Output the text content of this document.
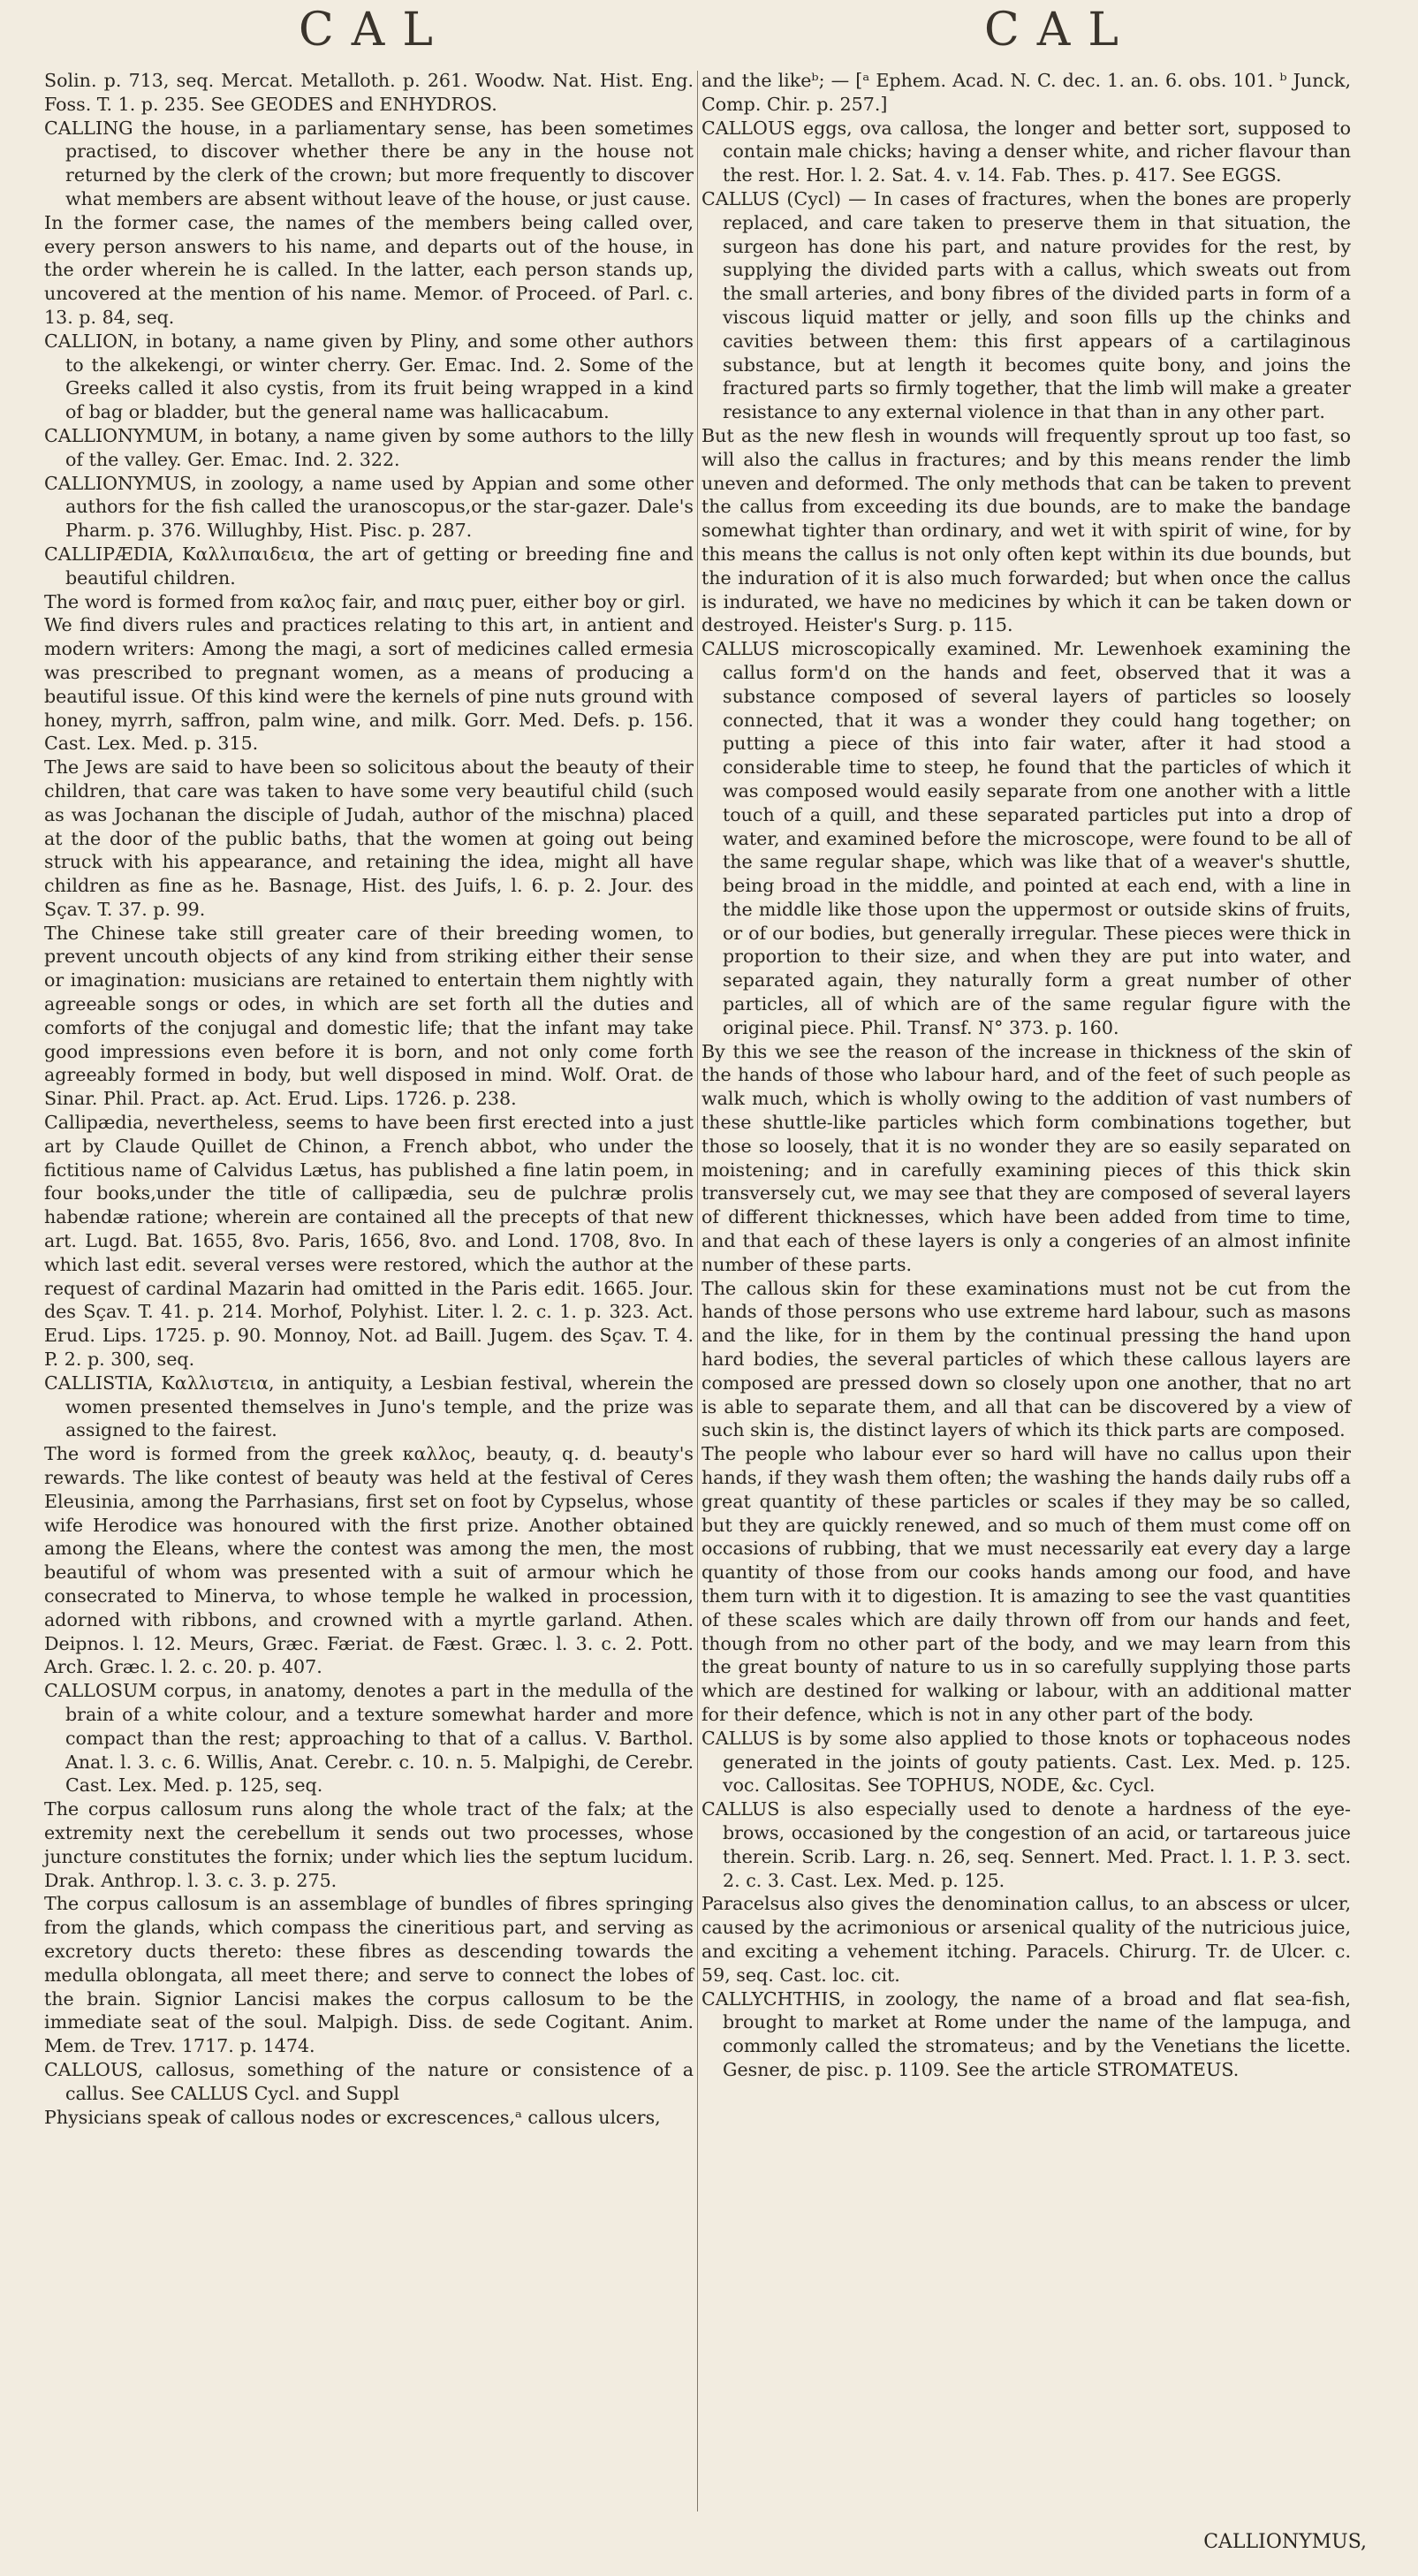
CAL	CAL

Solin. p. 713, seq. Mercat. Metalloth. p. 261. Woodw. Nat. Hist. Eng. Foss. T. 1. p. 235. See GEODES and ENHYDROS.

CALLING the house, in a parliamentary sense, has been sometimes practised, to discover whether there be any in the house not returned by the clerk of the crown; but more frequently to discover what members are absent without leave of the house, or just cause.

In the former case, the names of the members being called over, every person answers to his name, and departs out of the house, in the order wherein he is called. In the latter, each person stands up, uncovered at the mention of his name. Memor. of Proceed. of Parl. c. 13. p. 84, seq.

CALLION, in botany, a name given by Pliny, and some other authors to the alkekengi, or winter cherry. Ger. Emac. Ind. 2. Some of the Greeks called it also cystis, from its fruit being wrapped in a kind of bag or bladder, but the general name was hallicacabum.

CALLIONYMUM, in botany, a name given by some authors to the lilly of the valley. Ger. Emac. Ind. 2. 322.

CALLIONYMUS, in zoology, a name used by Appian and some other authors for the fish called the uranoscopus,or the star-gazer. Dale's Pharm. p. 376. Willughby, Hist. Pisc. p. 287.

CALLIPÆDIA, Καλλιπαιδεια, the art of getting or breeding fine and beautiful children.

The word is formed from καλος fair, and παις puer, either boy or girl.

We find divers rules and practices relating to this art, in antient and modern writers: Among the magi, a sort of medicines called ermesia was prescribed to pregnant women, as a means of producing a beautiful issue. Of this kind were the kernels of pine nuts ground with honey, myrrh, saffron, palm wine, and milk. Gorr. Med. Defs. p. 156. Cast. Lex. Med. p. 315.

The Jews are said to have been so solicitous about the beauty of their children, that care was taken to have some very beautiful child (such as was Jochanan the disciple of Judah, author of the mischna) placed at the door of the public baths, that the women at going out being struck with his appearance, and retaining the idea, might all have children as fine as he. Basnage, Hist. des Juifs, l. 6. p. 2. Jour. des Sçav. T. 37. p. 99.

The Chinese take still greater care of their breeding women, to prevent uncouth objects of any kind from striking either their sense or imagination: musicians are retained to entertain them nightly with agreeable songs or odes, in which are set forth all the duties and comforts of the conjugal and domestic life; that the infant may take good impressions even before it is born, and not only come forth agreeably formed in body, but well disposed in mind. Wolf. Orat. de Sinar. Phil. Pract. ap. Act. Erud. Lips. 1726. p. 238.

Callipædia, nevertheless, seems to have been first erected into a just art by Claude Quillet de Chinon, a French abbot, who under the fictitious name of Calvidus Lætus, has published a fine latin poem, in four books,under the title of callipædia, seu de pulchræ prolis habendæ ratione; wherein are contained all the precepts of that new art. Lugd. Bat. 1655, 8vo. Paris, 1656, 8vo. and Lond. 1708, 8vo. In which last edit. several verses were restored, which the author at the request of cardinal Mazarin had omitted in the Paris edit. 1665. Jour. des Sçav. T. 41. p. 214. Morhof, Polyhist. Liter. l. 2. c. 1. p. 323. Act. Erud. Lips. 1725. p. 90. Monnoy, Not. ad Baill. Jugem. des Sçav. T. 4. P. 2. p. 300, seq.

CALLISTIA, Καλλιστεια, in antiquity, a Lesbian festival, wherein the women presented themselves in Juno's temple, and the prize was assigned to the fairest.

The word is formed from the greek καλλος, beauty, q. d. beauty's rewards. The like contest of beauty was held at the festival of Ceres Eleusinia, among the Parrhasians, first set on foot by Cypselus, whose wife Herodice was honoured with the first prize. Another obtained among the Eleans, where the contest was among the men, the most beautiful of whom was presented with a suit of armour which he consecrated to Minerva, to whose temple he walked in procession, adorned with ribbons, and crowned with a myrtle garland. Athen. Deipnos. l. 12. Meurs, Græc. Færiat. de Fæst. Græc. l. 3. c. 2. Pott. Arch. Græc. l. 2. c. 20. p. 407.

CALLOSUM corpus, in anatomy, denotes a part in the medulla of the brain of a white colour, and a texture somewhat harder and more compact than the rest; approaching to that of a callus. V. Barthol. Anat. l. 3. c. 6. Willis, Anat. Cerebr. c. 10. n. 5. Malpighi, de Cerebr. Cast. Lex. Med. p. 125, seq.

The corpus callosum runs along the whole tract of the falx; at the extremity next the cerebellum it sends out two processes, whose juncture constitutes the fornix; under which lies the septum lucidum. Drak. Anthrop. l. 3. c. 3. p. 275.

The corpus callosum is an assemblage of bundles of fibres springing from the glands, which compass the cineritious part, and serving as excretory ducts thereto: these fibres as descending towards the medulla oblongata, all meet there; and serve to connect the lobes of the brain. Signior Lancisi makes the corpus callosum to be the immediate seat of the soul. Malpigh. Diss. de sede Cogitant. Anim. Mem. de Trev. 1717. p. 1474.

CALLOUS, callosus, something of the nature or consistence of a callus. See CALLUS Cycl. and Suppl

Physicians speak of callous nodes or excrescences,ᵃ callous ulcers,

and the likeᵇ; — [ᵃ Ephem. Acad. N. C. dec. 1. an. 6. obs. 101. ᵇ Junck, Comp. Chir. p. 257.]

CALLOUS eggs, ova callosa, the longer and better sort, supposed to contain male chicks; having a denser white, and richer flavour than the rest. Hor. l. 2. Sat. 4. v. 14. Fab. Thes. p. 417. See EGGS.

CALLUS (Cycl) — In cases of fractures, when the bones are properly replaced, and care taken to preserve them in that situation, the surgeon has done his part, and nature provides for the rest, by supplying the divided parts with a callus, which sweats out from the small arteries, and bony fibres of the divided parts in form of a viscous liquid matter or jelly, and soon fills up the chinks and cavities between them: this first appears of a cartilaginous substance, but at length it becomes quite bony, and joins the fractured parts so firmly together, that the limb will make a greater resistance to any external violence in that than in any other part.

But as the new flesh in wounds will frequently sprout up too fast, so will also the callus in fractures; and by this means render the limb uneven and deformed. The only methods that can be taken to prevent the callus from exceeding its due bounds, are to make the bandage somewhat tighter than ordinary, and wet it with spirit of wine, for by this means the callus is not only often kept within its due bounds, but the induration of it is also much forwarded; but when once the callus is indurated, we have no medicines by which it can be taken down or destroyed. Heister's Surg. p. 115.

CALLUS microscopically examined. Mr. Lewenhoek examining the callus form'd on the hands and feet, observed that it was a substance composed of several layers of particles so loosely connected, that it was a wonder they could hang together; on putting a piece of this into fair water, after it had stood a considerable time to steep, he found that the particles of which it was composed would easily separate from one another with a little touch of a quill, and these separated particles put into a drop of water, and examined before the microscope, were found to be all of the same regular shape, which was like that of a weaver's shuttle, being broad in the middle, and pointed at each end, with a line in the middle like those upon the uppermost or outside skins of fruits, or of our bodies, but generally irregular. These pieces were thick in proportion to their size, and when they are put into water, and separated again, they naturally form a great number of other particles, all of which are of the same regular figure with the original piece. Phil. Transf. N° 373. p. 160.

By this we see the reason of the increase in thickness of the skin of the hands of those who labour hard, and of the feet of such people as walk much, which is wholly owing to the addition of vast numbers of these shuttle-like particles which form combinations together, but those so loosely, that it is no wonder they are so easily separated on moistening; and in carefully examining pieces of this thick skin transversely cut, we may see that they are composed of several layers of different thicknesses, which have been added from time to time, and that each of these layers is only a congeries of an almost infinite number of these parts.

The callous skin for these examinations must not be cut from the hands of those persons who use extreme hard labour, such as masons and the like, for in them by the continual pressing the hand upon hard bodies, the several particles of which these callous layers are composed are pressed down so closely upon one another, that no art is able to separate them, and all that can be discovered by a view of such skin is, the distinct layers of which its thick parts are composed.

The people who labour ever so hard will have no callus upon their hands, if they wash them often; the washing the hands daily rubs off a great quantity of these particles or scales if they may be so called, but they are quickly renewed, and so much of them must come off on occasions of rubbing, that we must necessarily eat every day a large quantity of those from our cooks hands among our food, and have them turn with it to digestion. It is amazing to see the vast quantities of these scales which are daily thrown off from our hands and feet, though from no other part of the body, and we may learn from this the great bounty of nature to us in so carefully supplying those parts which are destined for walking or labour, with an additional matter for their defence, which is not in any other part of the body.

CALLUS is by some also applied to those knots or tophaceous nodes generated in the joints of gouty patients. Cast. Lex. Med. p. 125. voc. Callositas. See TOPHUS, NODE, &c. Cycl.

CALLUS is also especially used to denote a hardness of the eye-brows, occasioned by the congestion of an acid, or tartareous juice therein. Scrib. Larg. n. 26, seq. Sennert. Med. Pract. l. 1. P. 3. sect. 2. c. 3. Cast. Lex. Med. p. 125.

Paracelsus also gives the denomination callus, to an abscess or ulcer, caused by the acrimonious or arsenical quality of the nutricious juice, and exciting a vehement itching. Paracels. Chirurg. Tr. de Ulcer. c. 59, seq. Cast. loc. cit.

CALLYCHTHIS, in zoology, the name of a broad and flat sea-fish, brought to market at Rome under the name of the lampuga, and commonly called the stromateus; and by the Venetians the licette. Gesner, de pisc. p. 1109. See the article STROMATEUS.

CALLIONYMUS,
